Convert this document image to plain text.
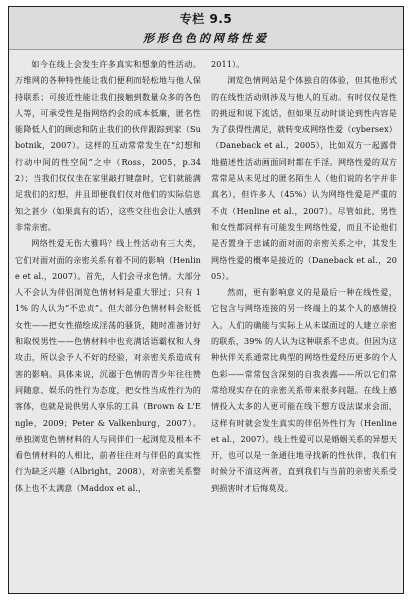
专栏 9.5
形形色色的网络性爱

如今在线上会发生许多真实和想象的性活动。万维网的各种特性能让我们便利而轻松地与他人保持联系；可接近性能让我们接触到数量众多的各色人等，可承受性是指网络约会的成本低廉，匿名性能降低人们的顾虑和防止我们的伙伴跟踪到家（Subotnik，2007）。这样的互动常常发生在“幻想和行动中间的性空间”之中（Ross，2005，p.342）；当我们仅仅坐在家里敲打键盘时，它们就能满足我们的幻想，并且即便我们仅对他们的实际信息知之甚少（如果真有的话），这些交往也会让人感到非常亲密。

网络性爱无伤大雅吗？线上性活动有三大类，它们对面对面的亲密关系有着不同的影响（Henline et al.，2007）。首先，人们会寻求色情。大部分人不会认为伴侣浏览色情材料是重大罪过；只有 11% 的人认为“不忠贞”。但大部分色情材料会贬低女性——把女性描绘成淫荡的骚货，随时准备讨好和取悦男性——色情材料中也充满话语霸权和人身攻击，所以会予人不好的经验，对亲密关系造成有害的影响。具体来说，沉溺于色情的青少年往往赞同随意、娱乐的性行为态度，把女性当成性行为的客体，也就是说供男人享乐的工具（Brown & L'Engle，2009；Peter & Valkenburg，2007）。单独浏览色情材料的人与同伴们一起浏览及根本不看色情材料的人相比，前者往往对与伴侣的真实性行为缺乏兴趣（Albright，2008），对亲密关系整体上也不太满意（Maddox et al.，

2011）。

浏览色情网站是个体独自的体验，但其他形式的在线性活动则涉及与他人的互动。有时仅仅是性的挑逗和说下流话，但如果互动时谈论到性内容是为了获得性满足，就转变成网络性爱（cybersex）（Daneback et al.，2005），比如双方一起露骨地描述性活动画面同时都在手淫。网络性爱的双方常常是从未见过的匿名陌生人（他们说的名字并非真名），但许多人（45%）认为网络性爱是严重的不贞（Henline et al.，2007）。尽管如此，男性和女性都同样有可能发生网络性爱，而且不论他们是否置身于忠诚的面对面的亲密关系之中，其发生网络性爱的概率是接近的（Daneback et al.，2005）。

然而，更有影响意义的是最后一种在线性爱，它包含与网络连接的另一终端上的某个人的感情投入。人们的确能与实际上从未谋面过的人建立亲密的联系，39% 的人认为这种联系不忠贞。但因为这种伙伴关系通常比典型的网络性爱经历更多的个人色彩——常常包含深刻的自我表露——所以它们常常给现实存在的亲密关系带来很多问题。在线上感情投入太多的人更可能在线下想方设法谋求会面，这样有时就会发生真实的伴侣外性行为（Henline et al.，2007）。线上性爱可以是婚姻关系的异想天开，也可以是一条通往地寻找新的性伙伴，我们有时候分不清这两者，直到我们与当前的亲密关系受到损害时才后悔莫及。
